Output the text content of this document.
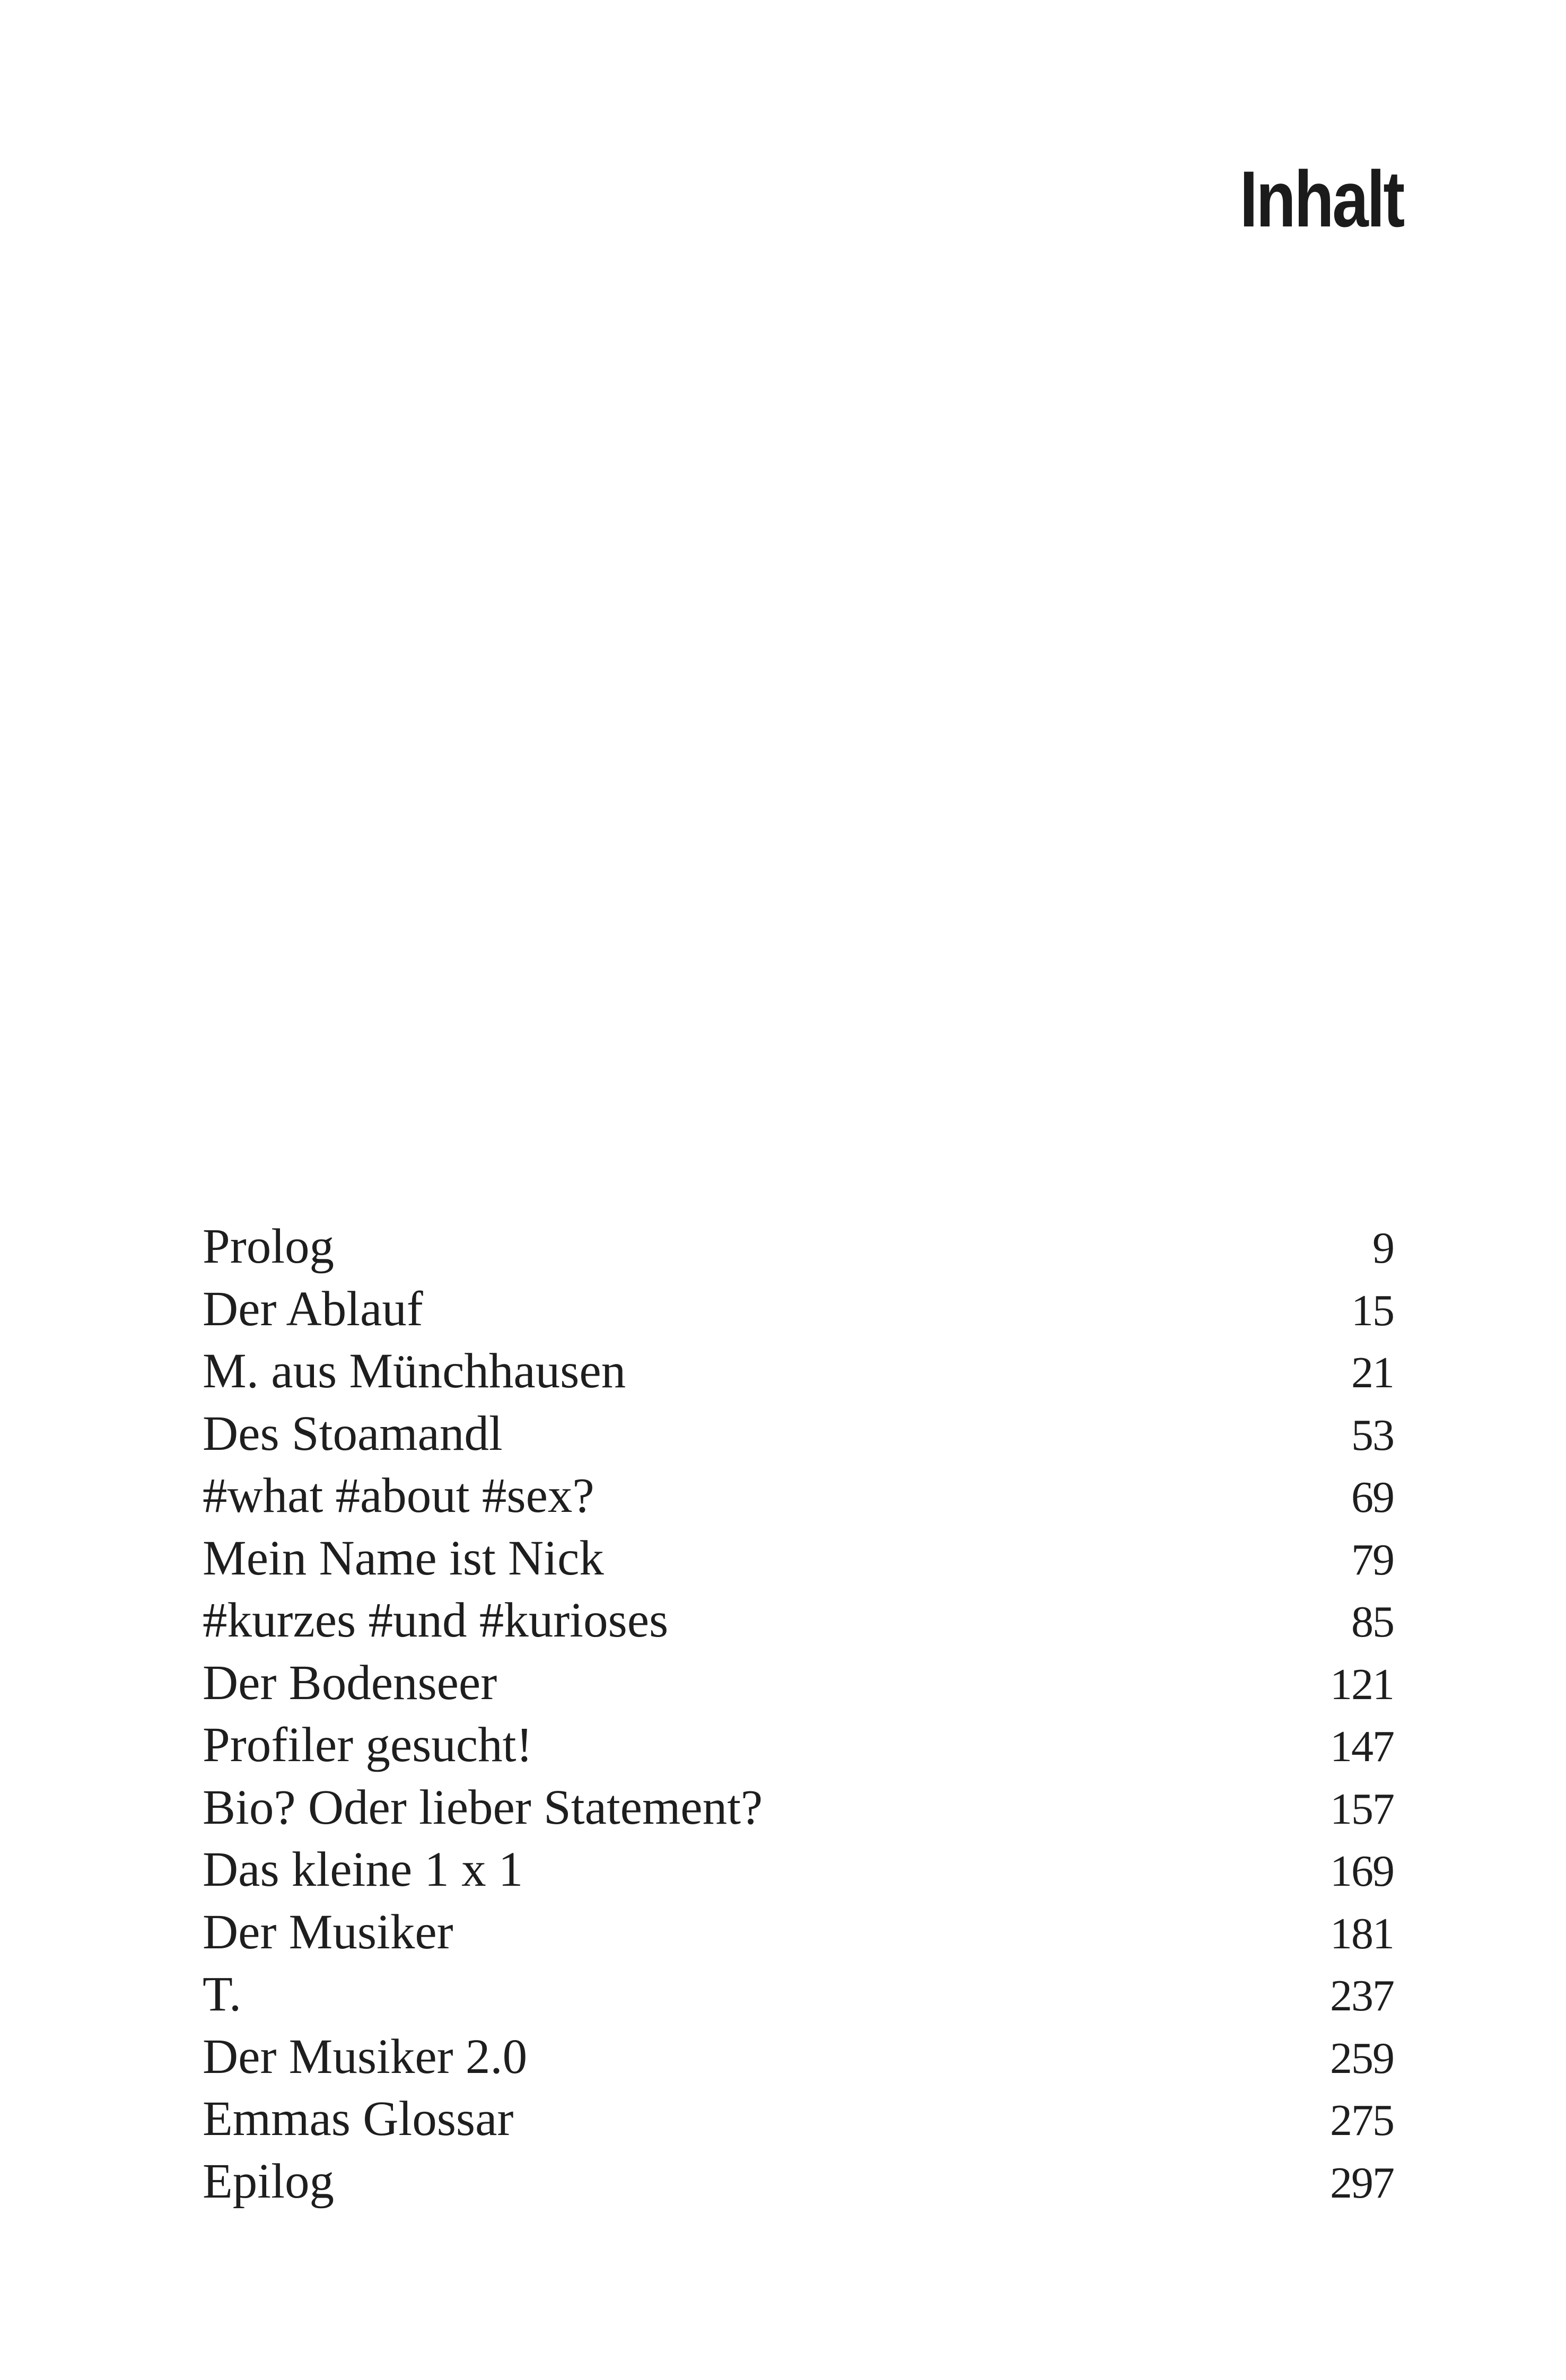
Inhalt
Prolog	9
Der Ablauf	15
M. aus Münchhausen	21
Des Stoamandl	53
#what #about #sex?	69
Mein Name ist Nick	79
#kurzes #und #kurioses	85
Der Bodenseer	121
Profiler gesucht!	147
Bio? Oder lieber Statement?	157
Das kleine 1 x 1	169
Der Musiker	181
T.	237
Der Musiker 2.0	259
Emmas Glossar	275
Epilog	297
